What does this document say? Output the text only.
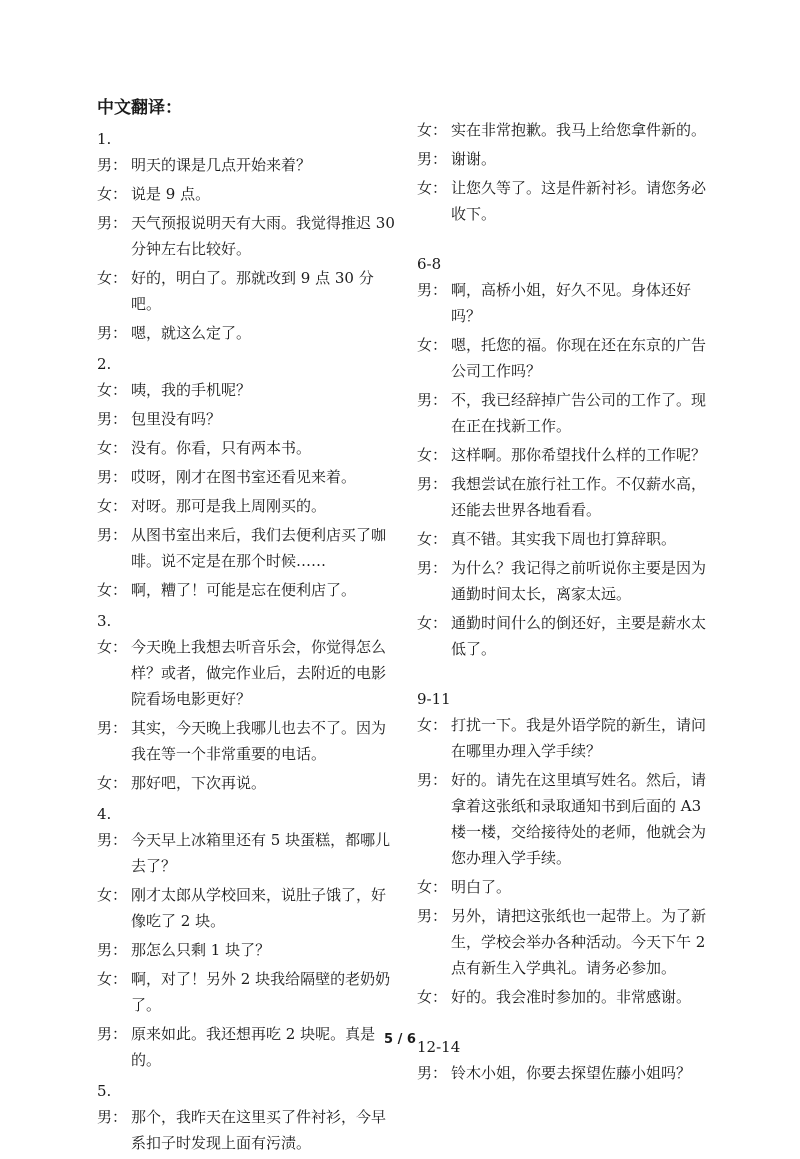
中文翻译：
1.
男： 明天的课是几点开始来着？
女： 说是 9 点。
男： 天气预报说明天有大雨。我觉得推迟 30 分钟左右比较好。
女： 好的，明白了。那就改到 9 点 30 分吧。
男： 嗯，就这么定了。
2.
女： 咦，我的手机呢？
男： 包里没有吗？
女： 没有。你看，只有两本书。
男： 哎呀，刚才在图书室还看见来着。
女： 对呀。那可是我上周刚买的。
男： 从图书室出来后，我们去便利店买了咖啡。说不定是在那个时候……
女： 啊，糟了！可能是忘在便利店了。
3.
女： 今天晚上我想去听音乐会，你觉得怎么样？或者，做完作业后，去附近的电影院看场电影更好？
男： 其实，今天晚上我哪儿也去不了。因为我在等一个非常重要的电话。
女： 那好吧，下次再说。
4.
男： 今天早上冰箱里还有 5 块蛋糕，都哪儿去了？
女： 刚才太郎从学校回来，说肚子饿了，好像吃了 2 块。
男： 那怎么只剩 1 块了？
女： 啊，对了！另外 2 块我给隔壁的老奶奶了。
男： 原来如此。我还想再吃 2 块呢。真是的。
5.
男： 那个，我昨天在这里买了件衬衫，今早系扣子时发现上面有污渍。
女： 实在非常抱歉。我马上给您拿件新的。
男： 谢谢。
女： 让您久等了。这是件新衬衫。请您务必收下。
6-8
男： 啊，高桥小姐，好久不见。身体还好吗？
女： 嗯，托您的福。你现在还在东京的广告公司工作吗？
男： 不，我已经辞掉广告公司的工作了。现在正在找新工作。
女： 这样啊。那你希望找什么样的工作呢？
男： 我想尝试在旅行社工作。不仅薪水高，还能去世界各地看看。
女： 真不错。其实我下周也打算辞职。
男： 为什么？我记得之前听说你主要是因为通勤时间太长，离家太远。
女： 通勤时间什么的倒还好，主要是薪水太低了。
9-11
女： 打扰一下。我是外语学院的新生，请问在哪里办理入学手续？
男： 好的。请先在这里填写姓名。然后，请拿着这张纸和录取通知书到后面的 A3 楼一楼，交给接待处的老师，他就会为您办理入学手续。
女： 明白了。
男： 另外，请把这张纸也一起带上。为了新生，学校会举办各种活动。今天下午 2 点有新生入学典礼。请务必参加。
女： 好的。我会准时参加的。非常感谢。
12-14
男： 铃木小姐，你要去探望佐藤小姐吗？
5 / 6
